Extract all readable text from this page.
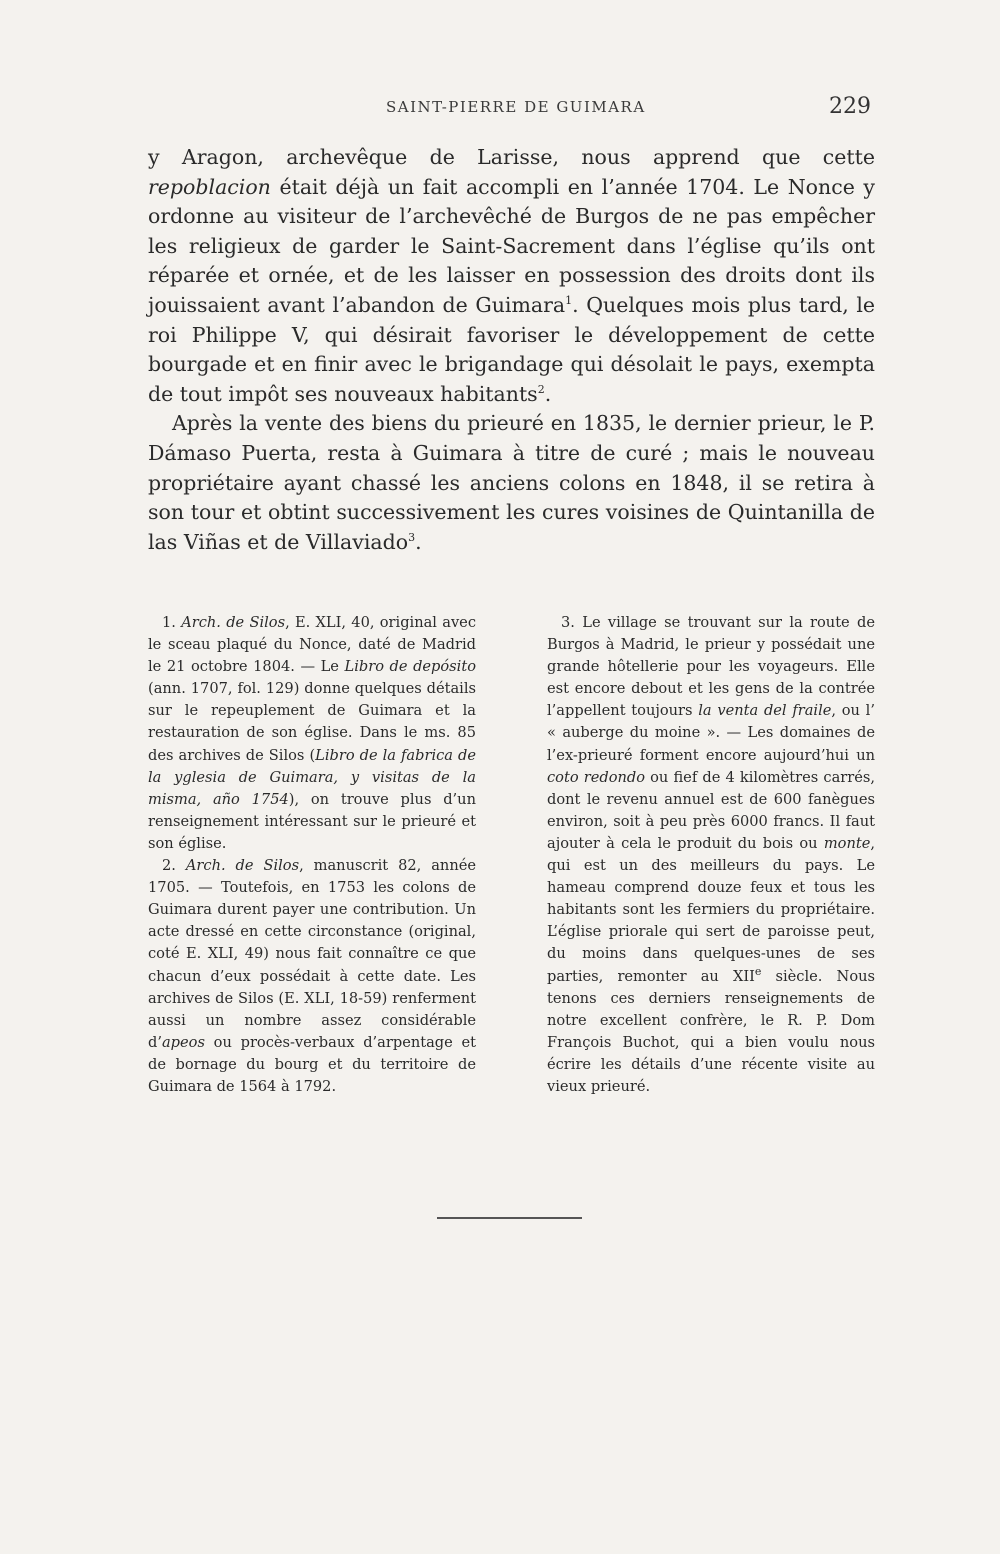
SAINT-PIERRE DE GUIMARA	229

y Aragon, archevêque de Larisse, nous apprend que cette repoblacion était déjà un fait accompli en l’année 1704. Le Nonce y ordonne au visiteur de l’archevêché de Burgos de ne pas empêcher les religieux de garder le Saint-Sacrement dans l’église qu’ils ont réparée et ornée, et de les laisser en possession des droits dont ils jouissaient avant l’abandon de Guimara$^1$. Quelques mois plus tard, le roi Philippe V, qui désirait favoriser le développement de cette bourgade et en finir avec le brigandage qui désolait le pays, exempta de tout impôt ses nouveaux habitants$^2$.

Après la vente des biens du prieuré en 1835, le dernier prieur, le P. Dámaso Puerta, resta à Guimara à titre de curé ; mais le nouveau propriétaire ayant chassé les anciens colons en 1848, il se retira à son tour et obtint successivement les cures voisines de Quintanilla de las Viñas et de Villaviado$^3$.

1. Arch. de Silos, E. XLI, 40, original avec le sceau plaqué du Nonce, daté de Madrid le 21 octobre 1804. — Le Libro de depósito (ann. 1707, fol. 129) donne quelques détails sur le repeuplement de Guimara et la restauration de son église. Dans le ms. 85 des archives de Silos (Libro de la fabrica de la yglesia de Guimara, y visitas de la misma, año 1754), on trouve plus d’un renseignement intéressant sur le prieuré et son église.

2. Arch. de Silos, manuscrit 82, année 1705. — Toutefois, en 1753 les colons de Guimara durent payer une contribution. Un acte dressé en cette circonstance (original, coté E. XLI, 49) nous fait connaître ce que chacun d’eux possédait à cette date. Les archives de Silos (E. XLI, 18-59) renferment aussi un nombre assez considérable d’apeos ou procès-verbaux d’arpentage et de bornage du bourg et du territoire de Guimara de 1564 à 1792.

3. Le village se trouvant sur la route de Burgos à Madrid, le prieur y possédait une grande hôtellerie pour les voyageurs. Elle est encore debout et les gens de la contrée l’appellent toujours la venta del fraile, ou l’ « auberge du moine ». — Les domaines de l’ex-prieuré forment encore aujourd’hui un coto redondo ou fief de 4 kilomètres carrés, dont le revenu annuel est de 600 fanègues environ, soit à peu près 6000 francs. Il faut ajouter à cela le produit du bois ou monte, qui est un des meilleurs du pays. Le hameau comprend douze feux et tous les habitants sont les fermiers du propriétaire. L’église priorale qui sert de paroisse peut, du moins dans quelques-unes de ses parties, remonter au XIIe siècle. Nous tenons ces derniers renseignements de notre excellent confrère, le R. P. Dom François Buchot, qui a bien voulu nous écrire les détails d’une récente visite au vieux prieuré.
